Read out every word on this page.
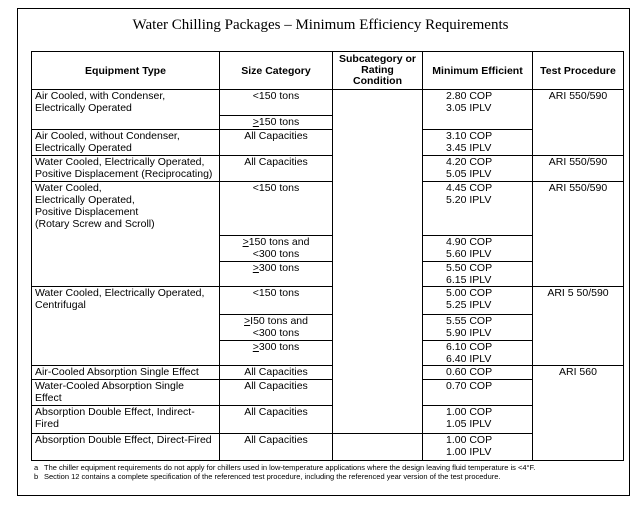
Water Chilling Packages – Minimum Efficiency Requirements
Equipment Type	Size Category	Subcategory or
Rating
Condition	Minimum Efficient	Test Procedure

Air Cooled, with Condenser,
Electrically Operated	<150 tons		2.80 COP
3.05 IPLV	ARI 550/590
	>150 tons			

Air Cooled, without Condenser,
Electrically Operated	All Capacities		3.10 COP
3.45 IPLV	

Water Cooled, Electrically Operated,
Positive Displacement (Reciprocating)	All Capacities		4.20 COP
5.05 IPLV	ARI 550/590

Water Cooled,
Electrically Operated,
Positive Displacement
(Rotary Screw and Scroll)	<150 tons		4.45 COP
5.20 IPLV	ARI 550/590

	>150 tons and
<300 tons		4.90 COP
5.60 IPLV	

	>300 tons		5.50 COP
6.15 IPLV	

Water Cooled, Electrically Operated,
Centrifugal	<150 tons		5.00 COP
5.25 IPLV	ARI 5 50/590

	>I50 tons and
<300 tons		5.55 COP
5.90 IPLV	

	>300 tons		6.10 COP
6.40 IPLV	

Air-Cooled Absorption Single Effect	All Capacities		0.60 COP	ARI 560

Water-Cooled Absorption Single
Effect	All Capacities		0.70 COP	

Absorption Double Effect, Indirect-
Fired	All Capacities		1.00 COP
1.05 IPLV	

Absorption Double Effect, Direct-Fired	All Capacities		1.00 COP
1.00 IPLV	
a The chiller equipment requirements do not apply for chillers used in low-temperature applications where the design leaving fluid temperature is <4°F.
b Section 12 contains a complete specification of the referenced test procedure, including the referenced year version of the test procedure.
